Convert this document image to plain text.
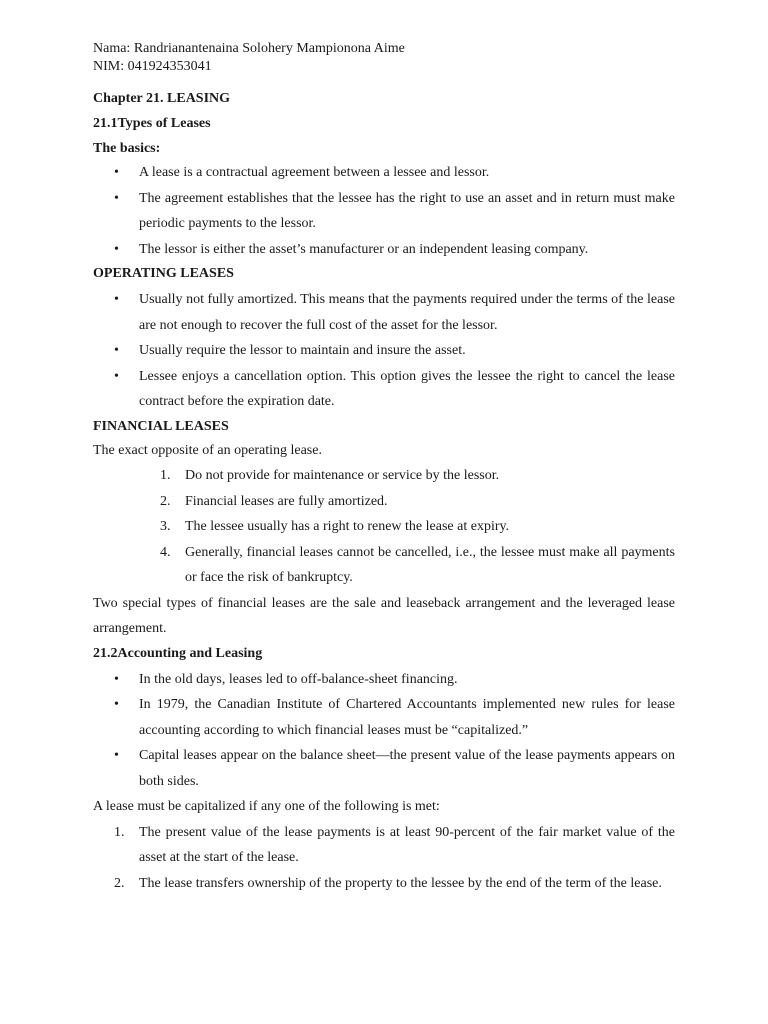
Nama: Randrianantenaina Solohery Mampionona Aime
NIM: 041924353041
Chapter 21. LEASING
21.1Types of Leases
The basics:
• A lease is a contractual agreement between a lessee and lessor.
• The agreement establishes that the lessee has the right to use an asset and in return must make periodic payments to the lessor.
• The lessor is either the asset’s manufacturer or an independent leasing company.
OPERATING LEASES
• Usually not fully amortized. This means that the payments required under the terms of the lease are not enough to recover the full cost of the asset for the lessor.
• Usually require the lessor to maintain and insure the asset.
• Lessee enjoys a cancellation option. This option gives the lessee the right to cancel the lease contract before the expiration date.
FINANCIAL LEASES
The exact opposite of an operating lease.
1. Do not provide for maintenance or service by the lessor.
2. Financial leases are fully amortized.
3. The lessee usually has a right to renew the lease at expiry.
4. Generally, financial leases cannot be cancelled, i.e., the lessee must make all payments or face the risk of bankruptcy.
Two special types of financial leases are the sale and leaseback arrangement and the leveraged lease arrangement.
21.2Accounting and Leasing
• In the old days, leases led to off-balance-sheet financing.
• In 1979, the Canadian Institute of Chartered Accountants implemented new rules for lease accounting according to which financial leases must be “capitalized.”
• Capital leases appear on the balance sheet—the present value of the lease payments appears on both sides.
A lease must be capitalized if any one of the following is met:
1. The present value of the lease payments is at least 90-percent of the fair market value of the asset at the start of the lease.
2. The lease transfers ownership of the property to the lessee by the end of the term of the lease.
